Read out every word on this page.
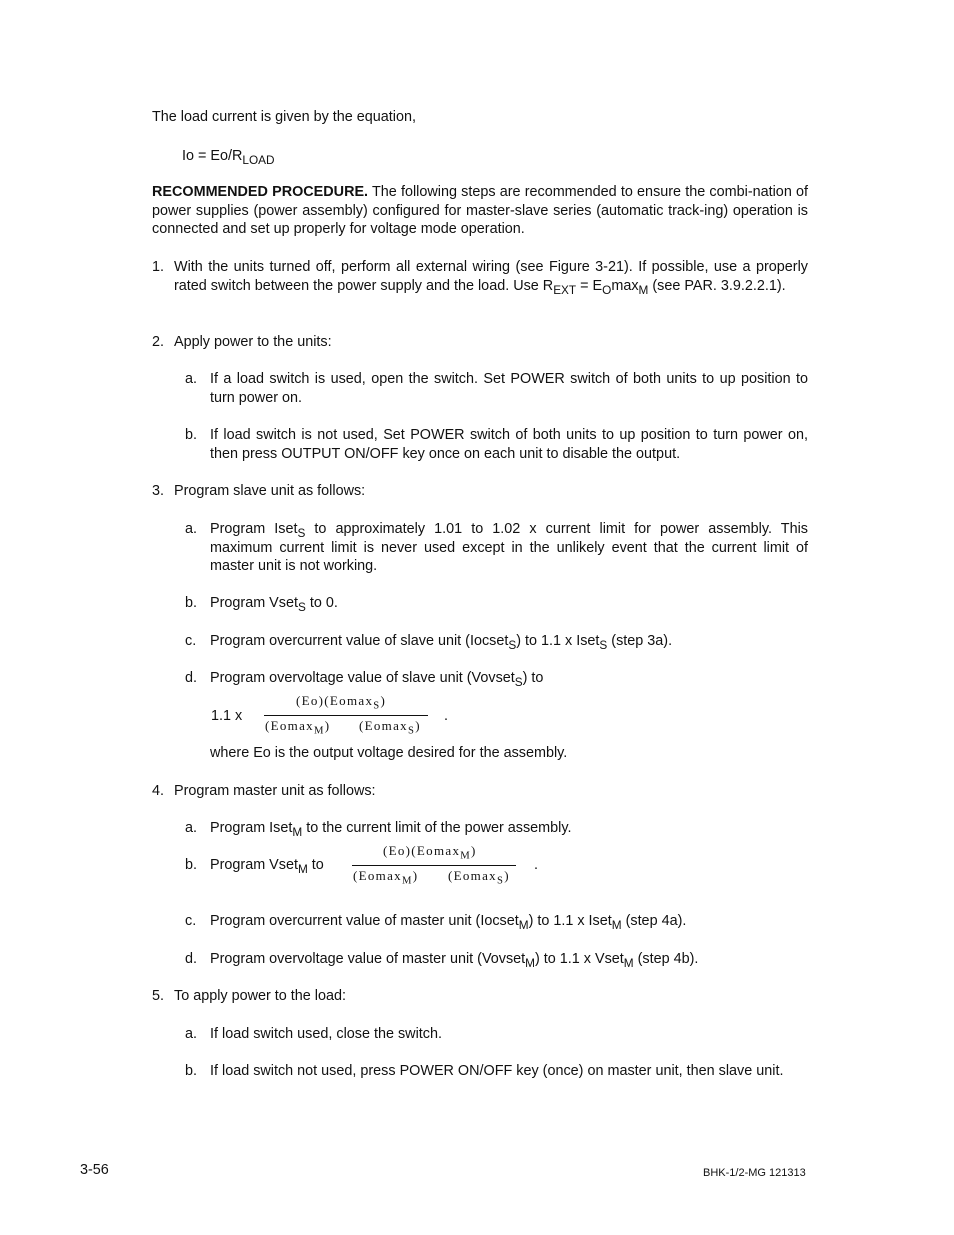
The load current is given by the equation,
$Io = Eo/R_{LOAD}$
RECOMMENDED PROCEDURE. The following steps are recommended to ensure the combi-nation of power supplies (power assembly) configured for master-slave series (automatic track-ing) operation is connected and set up properly for voltage mode operation.
1. With the units turned off, perform all external wiring (see Figure 3-21). If possible, use a properly rated switch between the power supply and the load. Use $R_{EXT} = E_O\max_M$ (see PAR. 3.9.2.2.1).
2. Apply power to the units:
a. If a load switch is used, open the switch. Set POWER switch of both units to up position to turn power on.
b. If load switch is not used, Set POWER switch of both units to up position to turn power on, then press OUTPUT ON/OFF key once on each unit to disable the output.
3. Program slave unit as follows:
a. Program Iset$_S$ to approximately 1.01 to 1.02 x current limit for power assembly. This maximum current limit is never used except in the unlikely event that the current limit of master unit is not working.
b. Program Vset$_S$ to 0.
c. Program overcurrent value of slave unit (Iocset$_S$) to 1.1 x Iset$_S$ (step 3a).
d. Program overvoltage value of slave unit (Vovset$_S$) to
1.1 x
(Eo)(Eomax$_S$)
(Eomax$_M$) (Eomax$_S$)
.
where Eo is the output voltage desired for the assembly.
4. Program master unit as follows:
a. Program Iset$_M$ to the current limit of the power assembly.
b. Program Vset$_M$ to
(Eo)(Eomax$_M$)
(Eomax$_M$) (Eomax$_S$)
.
c. Program overcurrent value of master unit (Iocset$_M$) to 1.1 x Iset$_M$ (step 4a).
d. Program overvoltage value of master unit (Vovset$_M$) to 1.1 x Vset$_M$ (step 4b).
5. To apply power to the load:
a. If load switch used, close the switch.
b. If load switch not used, press POWER ON/OFF key (once) on master unit, then slave unit.
3-56	BHK-1/2-MG 121313
